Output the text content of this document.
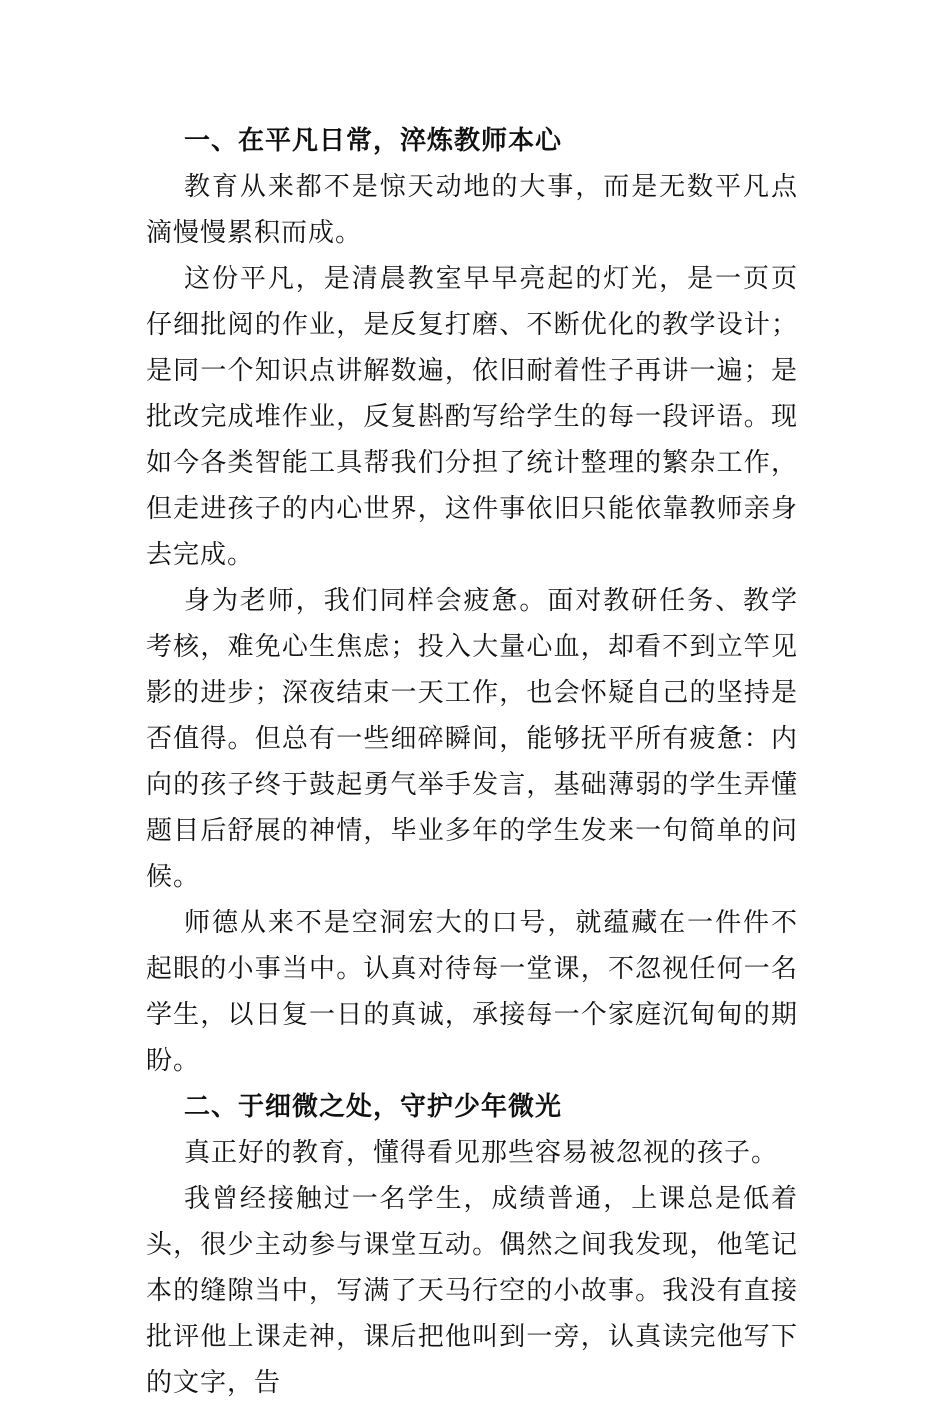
一、在平凡日常，淬炼教师本心

教育从来都不是惊天动地的大事，而是无数平凡点滴慢慢累积而成。

这份平凡，是清晨教室早早亮起的灯光，是一页页仔细批阅的作业，是反复打磨、不断优化的教学设计；是同一个知识点讲解数遍，依旧耐着性子再讲一遍；是批改完成堆作业，反复斟酌写给学生的每一段评语。现如今各类智能工具帮我们分担了统计整理的繁杂工作，但走进孩子的内心世界，这件事依旧只能依靠教师亲身去完成。

身为老师，我们同样会疲惫。面对教研任务、教学考核，难免心生焦虑；投入大量心血，却看不到立竿见影的进步；深夜结束一天工作，也会怀疑自己的坚持是否值得。但总有一些细碎瞬间，能够抚平所有疲惫：内向的孩子终于鼓起勇气举手发言，基础薄弱的学生弄懂题目后舒展的神情，毕业多年的学生发来一句简单的问候。

师德从来不是空洞宏大的口号，就蕴藏在一件件不起眼的小事当中。认真对待每一堂课，不忽视任何一名学生，以日复一日的真诚，承接每一个家庭沉甸甸的期盼。

二、于细微之处，守护少年微光

真正好的教育，懂得看见那些容易被忽视的孩子。

我曾经接触过一名学生，成绩普通，上课总是低着头，很少主动参与课堂互动。偶然之间我发现，他笔记本的缝隙当中，写满了天马行空的小故事。我没有直接批评他上课走神，课后把他叫到一旁，认真读完他写下的文字，告
